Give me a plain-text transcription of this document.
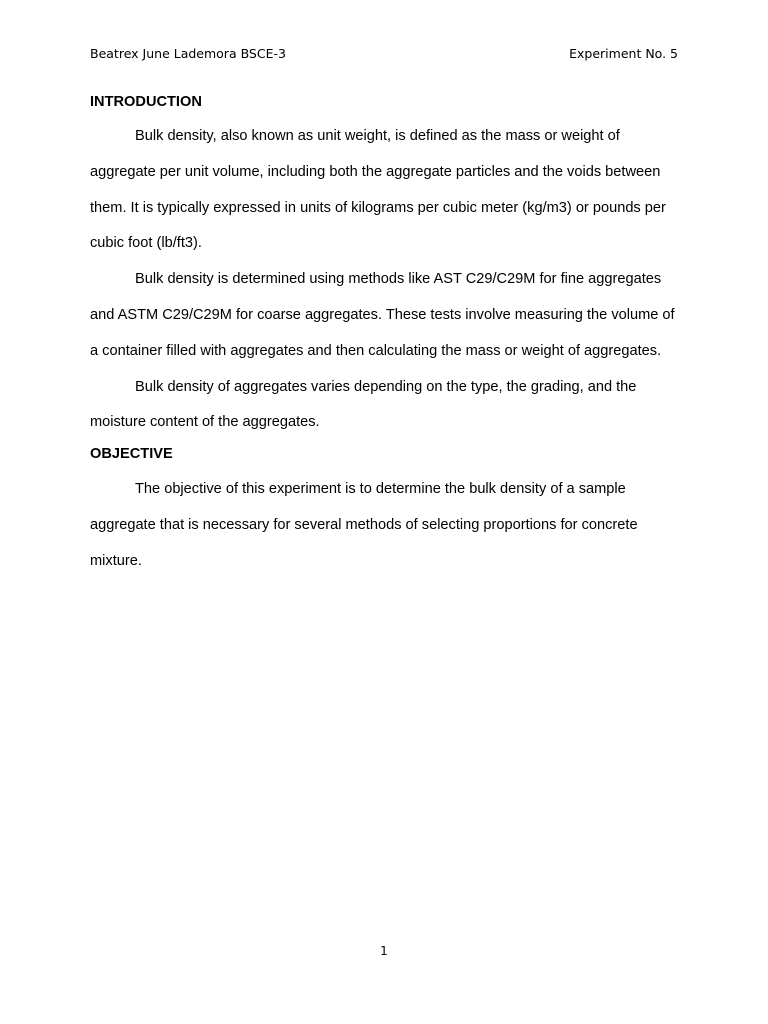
Beatrex June Lademora BSCE-3	Experiment No. 5
INTRODUCTION

Bulk density, also known as unit weight, is defined as the mass or weight of aggregate per unit volume, including both the aggregate particles and the voids between them. It is typically expressed in units of kilograms per cubic meter (kg/m3) or pounds per cubic foot (lb/ft3).

Bulk density is determined using methods like AST C29/C29M for fine aggregates and ASTM C29/C29M for coarse aggregates. These tests involve measuring the volume of a container filled with aggregates and then calculating the mass or weight of aggregates.

Bulk density of aggregates varies depending on the type, the grading, and the moisture content of the aggregates.

OBJECTIVE

The objective of this experiment is to determine the bulk density of a sample aggregate that is necessary for several methods of selecting proportions for concrete mixture.

1
